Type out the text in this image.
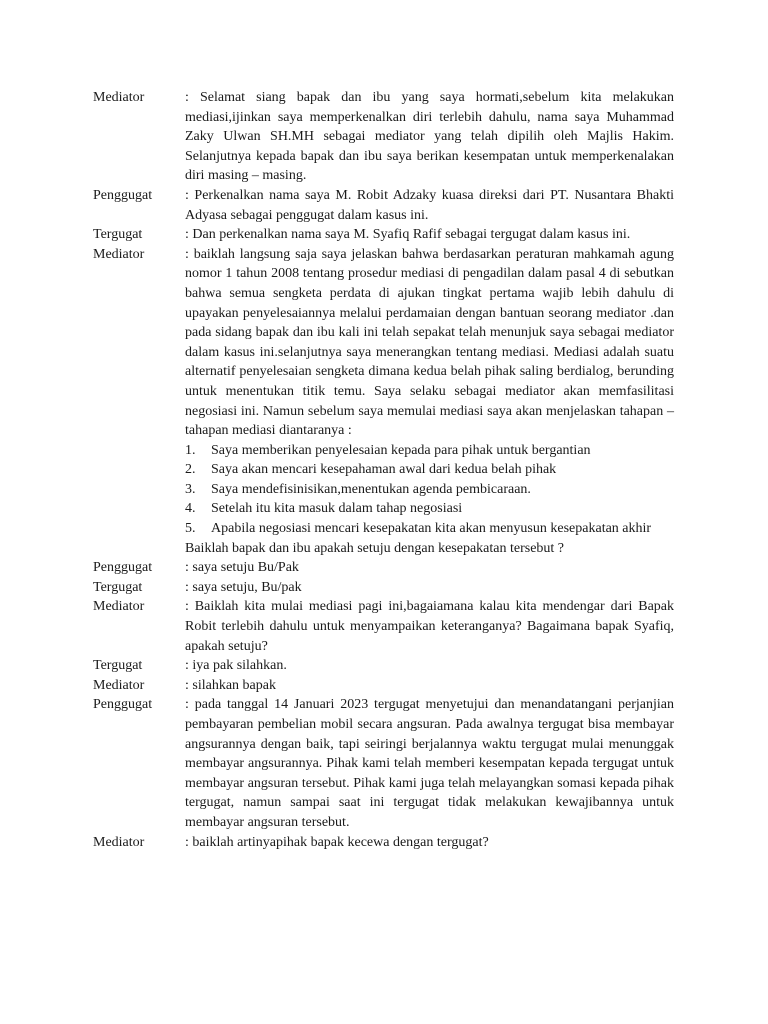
Mediator	: Selamat siang bapak dan ibu yang saya hormati,sebelum kita melakukan mediasi,ijinkan saya memperkenalkan diri terlebih dahulu, nama saya Muhammad Zaky Ulwan SH.MH sebagai mediator yang telah dipilih oleh Majlis Hakim. Selanjutnya kepada bapak dan ibu saya berikan kesempatan untuk memperkenalakan diri masing – masing.
Penggugat	: Perkenalkan nama saya M. Robit Adzaky kuasa direksi dari PT. Nusantara Bhakti Adyasa sebagai penggugat dalam kasus ini.
Tergugat	: Dan perkenalkan nama saya M. Syafiq Rafif sebagai tergugat dalam kasus ini.
Mediator	: baiklah langsung saja saya jelaskan bahwa berdasarkan peraturan mahkamah agung nomor 1 tahun 2008 tentang prosedur mediasi di pengadilan dalam pasal 4 di sebutkan bahwa semua sengketa perdata di ajukan tingkat pertama wajib lebih dahulu di upayakan penyelesaiannya melalui perdamaian dengan bantuan seorang mediator .dan pada sidang bapak dan ibu kali ini telah sepakat telah menunjuk saya sebagai mediator dalam kasus ini.selanjutnya saya menerangkan tentang mediasi. Mediasi adalah suatu alternatif penyelesaian sengketa dimana kedua belah pihak saling berdialog, berunding untuk menentukan titik temu. Saya selaku sebagai mediator akan memfasilitasi negosiasi ini. Namun sebelum saya memulai mediasi saya akan menjelaskan tahapan – tahapan mediasi diantaranya :
1.	Saya memberikan penyelesaian kepada para pihak untuk bergantian
2.	Saya akan mencari kesepahaman awal dari kedua belah pihak
3.	Saya mendefisinisikan,menentukan agenda pembicaraan.
4.	Setelah itu kita masuk dalam tahap negosiasi
5.	Apabila negosiasi mencari kesepakatan kita akan menyusun kesepakatan akhir
Baiklah bapak dan ibu apakah setuju dengan kesepakatan tersebut ?
Penggugat	: saya setuju Bu/Pak
Tergugat	: saya setuju, Bu/pak
Mediator	: Baiklah kita mulai mediasi pagi ini,bagaiamana kalau kita mendengar dari Bapak Robit terlebih dahulu untuk menyampaikan keteranganya? Bagaimana bapak Syafiq, apakah setuju?
Tergugat	: iya pak silahkan.
Mediator	: silahkan bapak
Penggugat	: pada tanggal 14 Januari 2023 tergugat menyetujui dan menandatangani perjanjian pembayaran pembelian mobil secara angsuran. Pada awalnya tergugat bisa membayar angsurannya dengan baik, tapi seiringi berjalannya waktu tergugat mulai menunggak membayar angsurannya. Pihak kami telah memberi kesempatan kepada tergugat untuk membayar angsuran tersebut. Pihak kami juga telah melayangkan somasi kepada pihak tergugat, namun sampai saat ini tergugat tidak melakukan kewajibannya untuk membayar angsuran tersebut.
Mediator	: baiklah artinyapihak bapak kecewa dengan tergugat?
